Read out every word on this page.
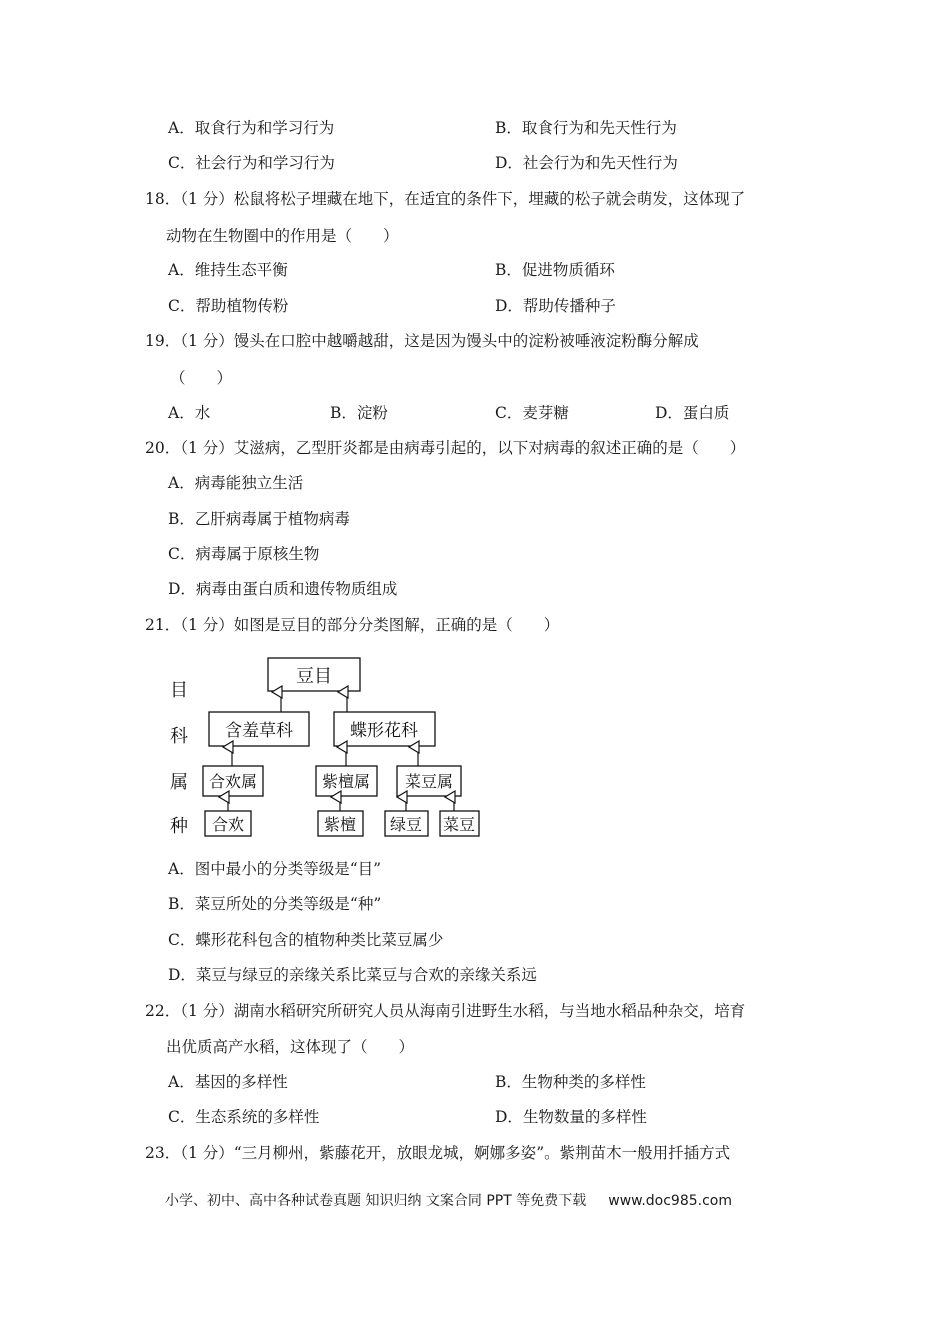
A．取食行为和学习行为	B．取食行为和先天性行为
C．社会行为和学习行为	D．社会行为和先天性行为
18．（1 分）松鼠将松子埋藏在地下，在适宜的条件下，埋藏的松子就会萌发，这体现了
动物在生物圈中的作用是（　　）
A．维持生态平衡	B．促进物质循环
C．帮助植物传粉	D．帮助传播种子
19．（1 分）馒头在口腔中越嚼越甜，这是因为馒头中的淀粉被唾液淀粉酶分解成
（　　）
A．水	B．淀粉	C．麦芽糖	D．蛋白质
20．（1 分）艾滋病，乙型肝炎都是由病毒引起的，以下对病毒的叙述正确的是（　　）
A．病毒能独立生活
B．乙肝病毒属于植物病毒
C．病毒属于原核生物
D．病毒由蛋白质和遗传物质组成
21．（1 分）如图是豆目的部分分类图解，正确的是（　　）
目
科
属
种
豆目
含羞草科	蝶形花科
合欢属	紫檀属 菜豆属
合欢	紫檀 绿豆 菜豆
A．图中最小的分类等级是“目”
B．菜豆所处的分类等级是“种”
C．蝶形花科包含的植物种类比菜豆属少
D．菜豆与绿豆的亲缘关系比菜豆与合欢的亲缘关系远
22．（1 分）湖南水稻研究所研究人员从海南引进野生水稻，与当地水稻品种杂交，培育
出优质高产水稻，这体现了（　　）
A．基因的多样性	B．生物种类的多样性
C．生态系统的多样性	D．生物数量的多样性
23．（1 分）“三月柳州，紫藤花开，放眼龙城，婀娜多姿”。紫荆苗木一般用扦插方式
小学、初中、高中各种试卷真题 知识归纳 文案合同 PPT 等免费下载 www.doc985.com
